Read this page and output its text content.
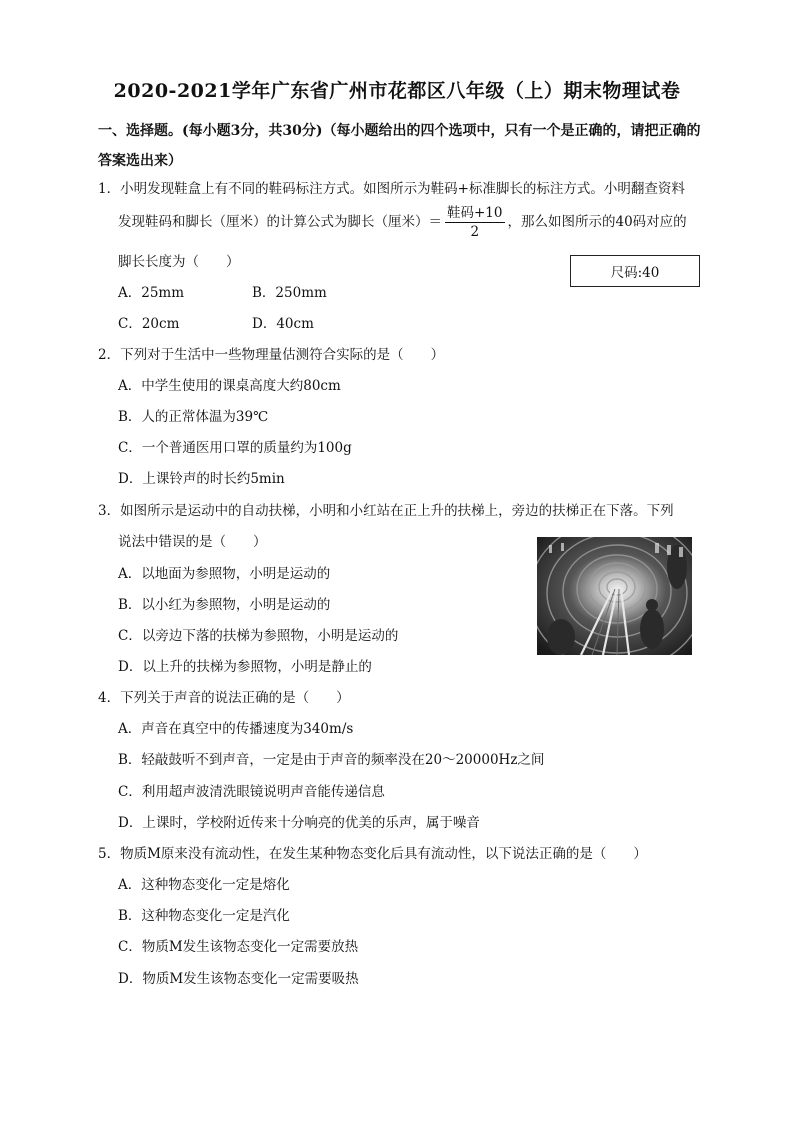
2020-2021学年广东省广州市花都区八年级（上）期末物理试卷
一、选择题。(每小题3分，共30分)（每小题给出的四个选项中，只有一个是正确的，请把正确的答案选出来）
1．小明发现鞋盒上有不同的鞋码标注方式。如图所示为鞋码+标准脚长的标注方式。小明翻查资料
发现鞋码和脚长（厘米）的计算公式为脚长（厘米）＝ $\frac{\text{鞋码+10}}{2}$ ，那么如图所示的40码对应的
脚长长度为（　　）
尺码:40
A．25mm	B．250mm
C．20cm	D．40cm
2．下列对于生活中一些物理量估测符合实际的是（　　）
A．中学生使用的课桌高度大约80cm
B．人的正常体温为39℃
C．一个普通医用口罩的质量约为100g
D．上课铃声的时长约5min
3．如图所示是运动中的自动扶梯，小明和小红站在正上升的扶梯上，旁边的扶梯正在下落。下列
说法中错误的是（　　）
A．以地面为参照物，小明是运动的
B．以小红为参照物，小明是运动的
C．以旁边下落的扶梯为参照物，小明是运动的
D．以上升的扶梯为参照物，小明是静止的
4．下列关于声音的说法正确的是（　　）
A．声音在真空中的传播速度为340m/s
B．轻敲鼓听不到声音，一定是由于声音的频率没在20～20000Hz之间
C．利用超声波清洗眼镜说明声音能传递信息
D．上课时，学校附近传来十分响亮的优美的乐声，属于噪音
5．物质M原来没有流动性，在发生某种物态变化后具有流动性，以下说法正确的是（　　）
A．这种物态变化一定是熔化
B．这种物态变化一定是汽化
C．物质M发生该物态变化一定需要放热
D．物质M发生该物态变化一定需要吸热
